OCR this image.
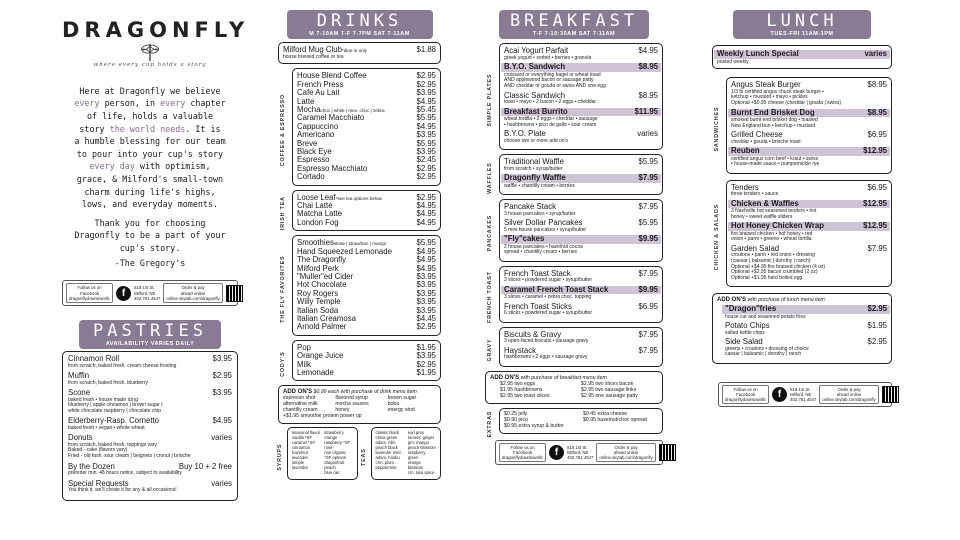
DRAGONFLY
where every cup holds a story
Here at Dragonfly we believe
every person, in every chapter
of life, holds a valuable
story the world needs. It is
a humble blessing for our team
to pour into your cup's story
every day with optimism,
grace, & Milford's small-town
charm during life's highs,
lows, and everyday moments.
Thank you for choosing
Dragonfly to be a part of your
cup's story.
-The Gregory's
Follow us on
Facebook
dragonflydowntownllc	f	518 1st St.
Milford, NE
402.761.4547
Order & pay
ahead online
online.skytab.com/dragonfly
PASTRIES
AVAILABILITY VARIES DAILY
Cinnamon Roll	$3.95
from scratch, baked fresh. cream cheese frosting
Muffin	$2.95
from scratch, baked fresh. blueberry
Scone	$3.95
baked fresh • house made icing
blueberry | apple cinnamon | brown sugar |
white chocolate raspberry | chocolate chip
Elderberry-Rasp. Cornetto	$4.95
baked fresh • vegan • whole wheat
Donuts	varies
from scratch, baked fresh, toppings vary
Baked - cake (flavors vary)
Fried - old fash. sour cream | beignets | cronut | brioche
By the Dozen	Buy 10 + 2 free
preorder min. 48 hours notice, subject to availability
Special Requests	varies
You think it, we'll create it for any & all occasions!
DRINKS
M 7-10AM T-F 7-7PM SAT 7-11AM
Milford Mug Club*dine in only	$1.88
house brewed coffee or tea
COFFEE & ESPRESSO
House Blend Coffee	$2.95
French Press	$2.95
Cafe Au Lait	$3.95
Latte	$4.95
Mochachoc | white | mex. choc | zebra	$5.45
Caramel Macchiato	$5.95
Cappuccino	$4.95
Americano	$3.95
Breve	$5.95
Black Eye	$3.95
Espresso	$2.45
Espresso Macchiato	$2.95
Cortado	$2.95
IRISH TEA Loose Leaf*see tea options below	$2.95
Chai Latte	$4.95
Matcha Latte	$4.95
London Fog	$4.95
THE FLY FAVORITES
Smoothiesstraw | straw/ban | mango	$5.95
Hand Squeezed Lemonade	$4.95
The Dragonfly	$4.95
Milford Perk	$4.95
"Muller"ed Cider	$3.95
Hot Chocolate	$3.95
Roy Rogers	$3.95
Willy Temple	$3.95
Italian Soda	$3.95
Italian Creamosa	$4.45
Arnold Palmer	$2.95
CODY'S
Pop	$1.95
Orange Juice	$3.95
Milk	$2.95
Lemonade	$1.95
ADD ON'S $0.99 each with purchase of drink menu item
espresso shot	flavored syrup	brown sugar
alternative milk	mocha sauces	boba
chantilly cream	honey	energy shot
+$1.95 smoothie protein power up
SYRUPS
seasonal flavor
vanilla *SF
caramel *SF
cinnamon
hazelnut
lavender
simple
lavender
strawberry
orange
raspberry *SF
rose
non organic
*SF options
dragonfruit
peach
blue ras
TEAS
classic black
citrus green
adam. hibi.
peach black
lavender mint
adam. hooku
crm. plum
peppermint
earl grey
tumeric ginger
grn. mango
peach blossom
raspberry green
orange blossom
crn. tulsi spice
BREAKFAST
T-F 7-10:30AM SAT 7-11AM
SIMPLE PLATES
Acai Yogurt Parfait	$4.95
greek yogurt • sorbet • berries • granola
B.Y.O. Sandwich	$8.95
croissant or everything bagel or wheat toast
AND applewood bacon or sausage patty
AND cheddar or gouda or swiss AND one egg
Classic Sandwich	$8.95
toast • mayo • 2 bacon • 2 eggs • cheddar
Breakfast Burrito	$11.95
wheat tortilla • 2 eggs • cheddar • sausage
• hashbrowns • pico de gallo • sour cream
B.Y.O. Plate	varies
choose two or more add on's
WAFFLES
Traditional Waffle	$5.95
from scratch • syrup/butter
Dragonfly Waffle	$7.95
waffle • chantilly cream • berries
PANCAKES
Pancake Stack	$7.95
3 house pancakes • syrup/butter
Silver Dollar Pancakes	$5.95
5 mini house pancakes • syrup/butter
"Fly"cakes	$9.95
2 house pancakes • hazelnut cocoa
spread • chantilly cream • berries
FRENCH TOAST French Toast Stack	$7.95
3 slices • powdered sugar • syrup/butter
Caramel French Toast Stack	$9.95
3 slices • caramel • zebra choc. topping
French Toast Sticks	$6.95
6 sticks • powdered sugar • syrup/butter
GRAVY
Biscuits & Gravy	$7.95
3 open-faced biscuits • sausage gravy
Haystack	$7.95
hashbrowns • 2 eggs • sausage gravy
ADD ON'S with purchase of breakfast menu item
$2.95 two eggs	$2.95 two slices bacon
$1.95 hashbrowns	$2.95 two sausage links
$2.95 two toast slices	$2.95 one sausage patty
EXTRAS $0.25 jelly	$0.45 extra cheese
$0.90 pico	$0.95 hazelnut/choc spread
$0.95 extra syrup & butter
Follow us on
Facebook
dragonflydowntownllc	f	518 1st St.
Milford, NE
402.761.4547
Order & pay
ahead online
online.skytab.com/dragonfly
LUNCH
TUES-FRI 11AM-1PM
Weekly Lunch Special	varies
posted weekly
SANDWICHES
Angus Steak Burger	$8.95
1/3 lb certified angus chuck steak burger •
ketchup • mustard • mayo • pickles
Optional +$0.95 cheese (cheddar | gouda | swiss)
Burnt End Brisket Dog	$8.95
smoked burnt end brisket dog • toasted
New England bun • ketchup • mustard
Grilled Cheese	$6.95
cheddar • gouda • brioche toast
Reuben	$12.95
certified angus corn beef • kraut • swiss
• house-made sauce • pumpernickle rye
CHICKEN & SALADS
Tenders	$6.95
three tenders • sauce
Chicken & Waffles	$12.95
3 Nashville hot seasoned tenders • hot
honey • sweet waffle sliders
Hot Honey Chicken Wrap	$12.95
fire braised chicken • hot honey • red
onion • parm • greens • wheat tortilla
Garden Salad	$7.95
croutons • parm • red onion • dressing
(caesar | balsamic | dorothy | ranch)
Optional +$4.95 fire braised chicken (4 oz)
Optional +$2.95 bacon crumbled (2 oz)
Optional +$1.95 hard boiled egg
ADD ON'S with purchase of lunch menu item
"Dragon"fries	$2.95
house cut and seasoned potato fries
Potato Chips	$1.95
salted kettle chips
Side Salad	$2.95
greens • croutons • dressing of choice
caesar | balsamic | dorothy | ranch
Follow us on
Facebook
dragonflydowntownllc	f	518 1st St.
Milford, NE
402.761.4547
Order & pay
ahead online
online.skytab.com/dragonfly
